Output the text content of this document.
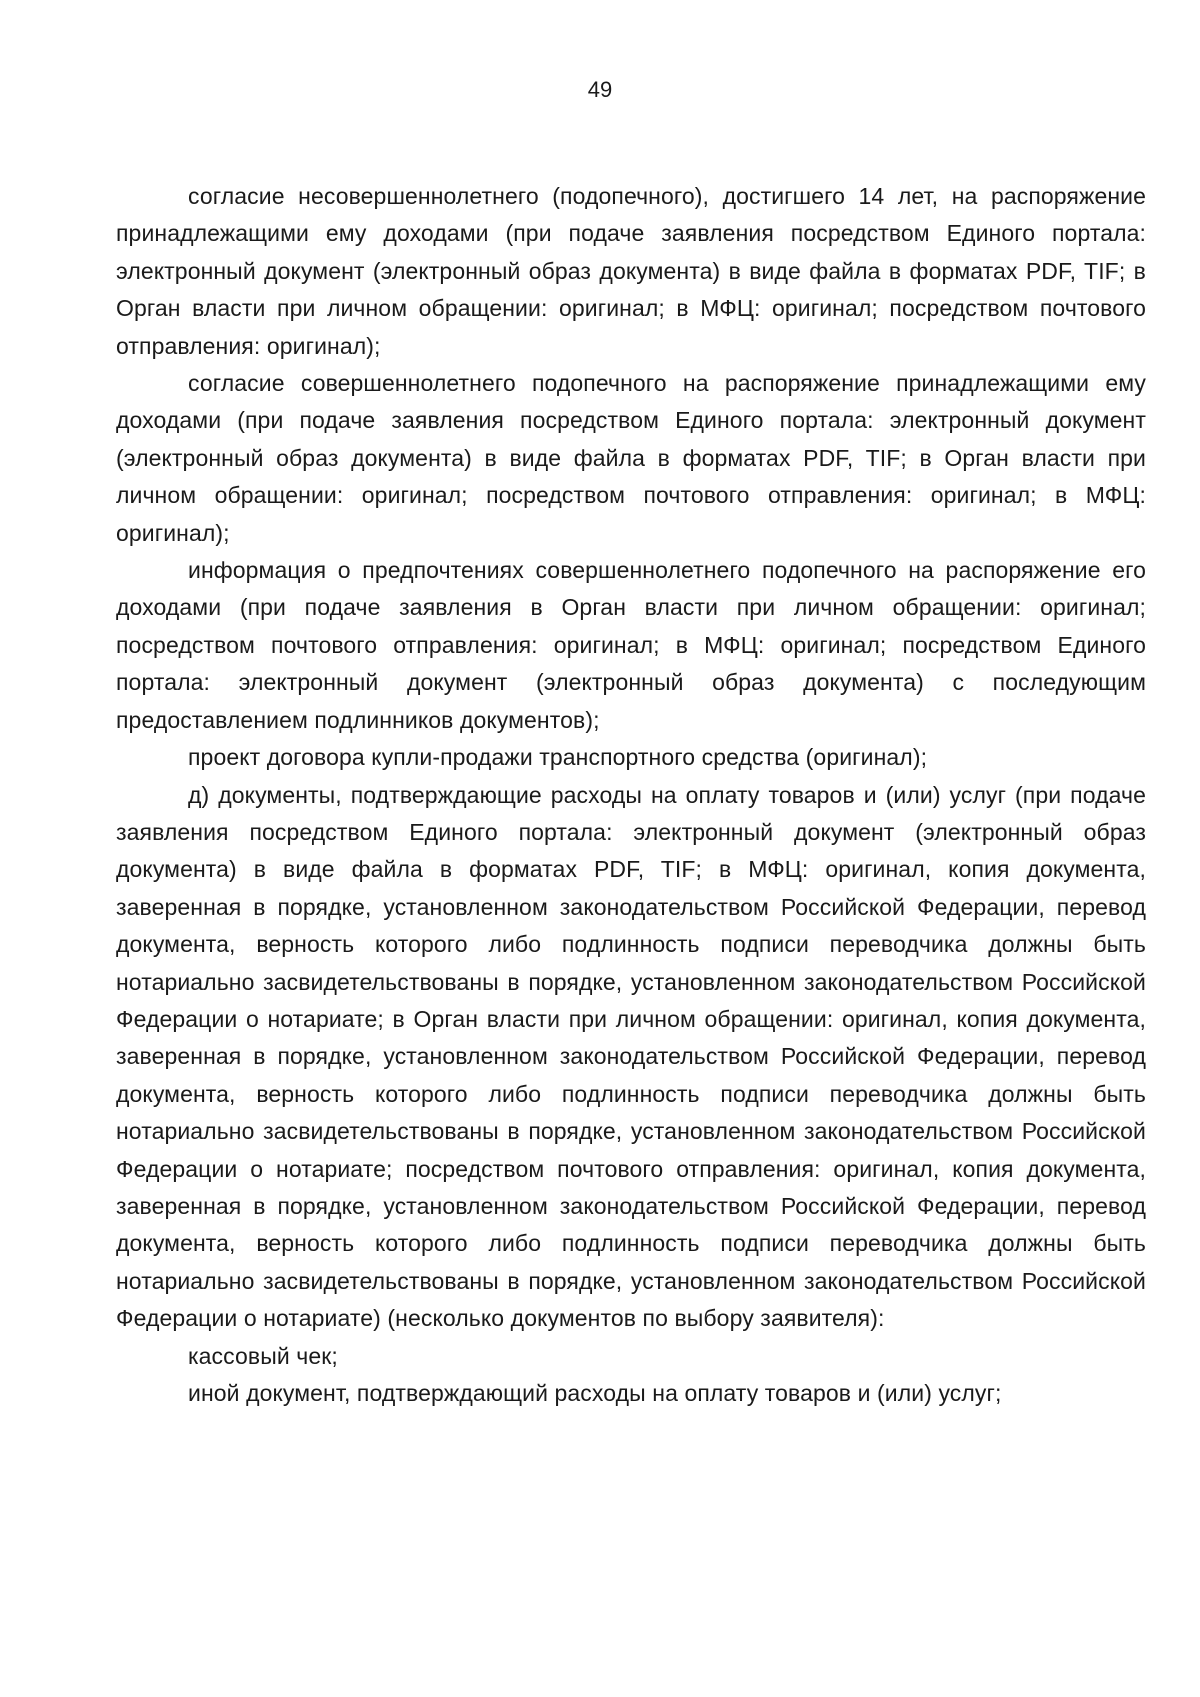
49

согласие несовершеннолетнего (подопечного), достигшего 14 лет, на распоряжение принадлежащими ему доходами (при подаче заявления посредством Единого портала: электронный документ (электронный образ документа) в виде файла в форматах PDF, TIF; в Орган власти при личном обращении: оригинал; в МФЦ: оригинал; посредством почтового отправления: оригинал);

согласие совершеннолетнего подопечного на распоряжение принадлежащими ему доходами (при подаче заявления посредством Единого портала: электронный документ (электронный образ документа) в виде файла в форматах PDF, TIF; в Орган власти при личном обращении: оригинал; посредством почтового отправления: оригинал; в МФЦ: оригинал);

информация о предпочтениях совершеннолетнего подопечного на распоряжение его доходами (при подаче заявления в Орган власти при личном обращении: оригинал; посредством почтового отправления: оригинал; в МФЦ: оригинал; посредством Единого портала: электронный документ (электронный образ документа) с последующим предоставлением подлинников документов);

проект договора купли-продажи транспортного средства (оригинал);

д) документы, подтверждающие расходы на оплату товаров и (или) услуг (при подаче заявления посредством Единого портала: электронный документ (электронный образ документа) в виде файла в форматах PDF, TIF; в МФЦ: оригинал, копия документа, заверенная в порядке, установленном законодательством Российской Федерации, перевод документа, верность которого либо подлинность подписи переводчика должны быть нотариально засвидетельствованы в порядке, установленном законодательством Российской Федерации о нотариате; в Орган власти при личном обращении: оригинал, копия документа, заверенная в порядке, установленном законодательством Российской Федерации, перевод документа, верность которого либо подлинность подписи переводчика должны быть нотариально засвидетельствованы в порядке, установленном законодательством Российской Федерации о нотариате; посредством почтового отправления: оригинал, копия документа, заверенная в порядке, установленном законодательством Российской Федерации, перевод документа, верность которого либо подлинность подписи переводчика должны быть нотариально засвидетельствованы в порядке, установленном законодательством Российской Федерации о нотариате) (несколько документов по выбору заявителя):

кассовый чек;

иной документ, подтверждающий расходы на оплату товаров и (или) услуг;
